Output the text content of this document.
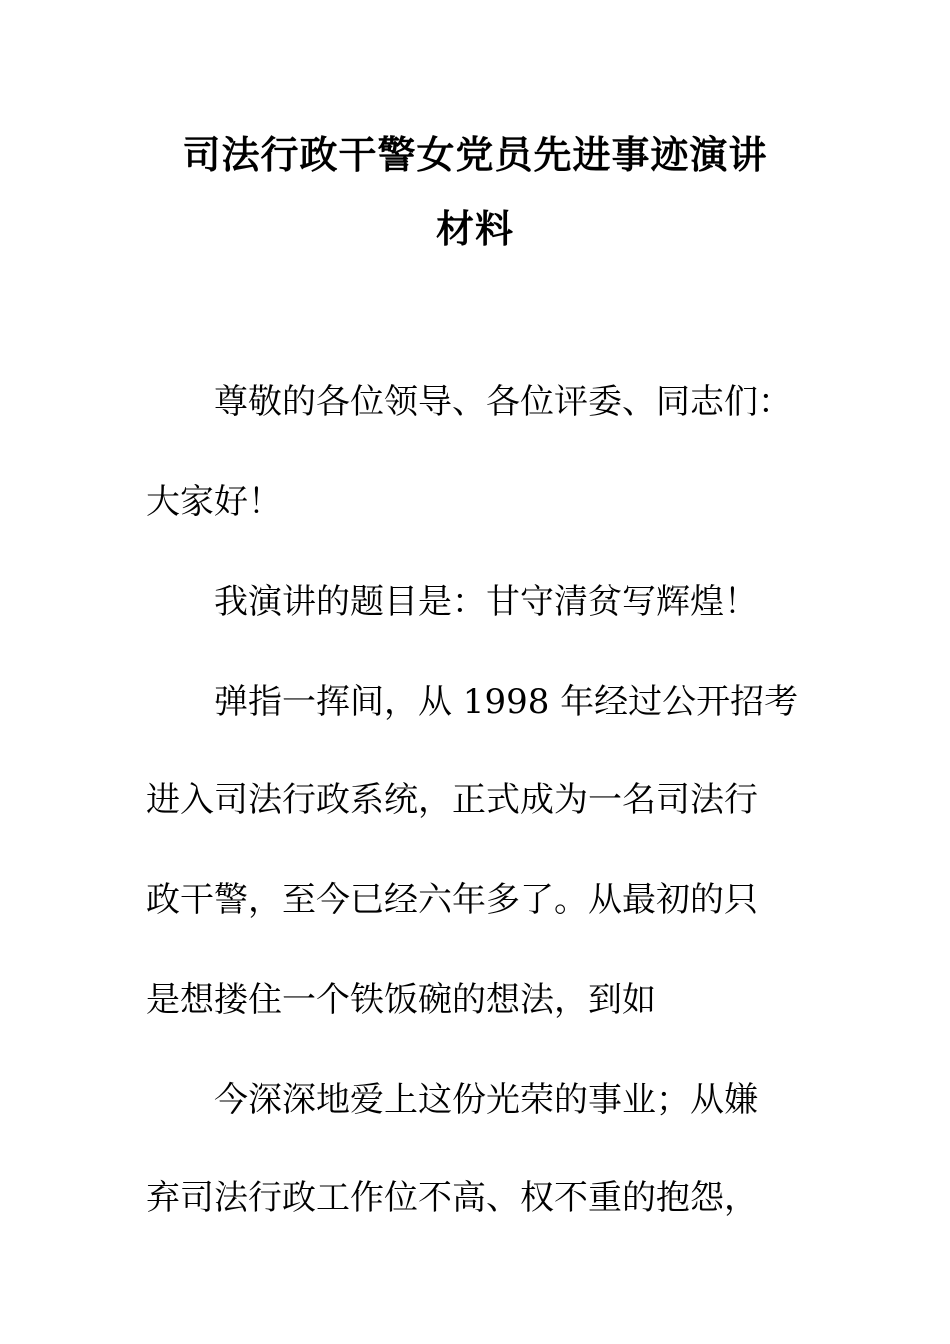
司法行政干警女党员先进事迹演讲
材料

尊敬的各位领导、各位评委、同志们：

大家好！

我演讲的题目是：甘守清贫写辉煌！

弹指一挥间，从 1998 年经过公开招考

进入司法行政系统，正式成为一名司法行

政干警，至今已经六年多了。从最初的只

是想搂住一个铁饭碗的想法，到如

今深深地爱上这份光荣的事业；从嫌

弃司法行政工作位不高、权不重的抱怨，
